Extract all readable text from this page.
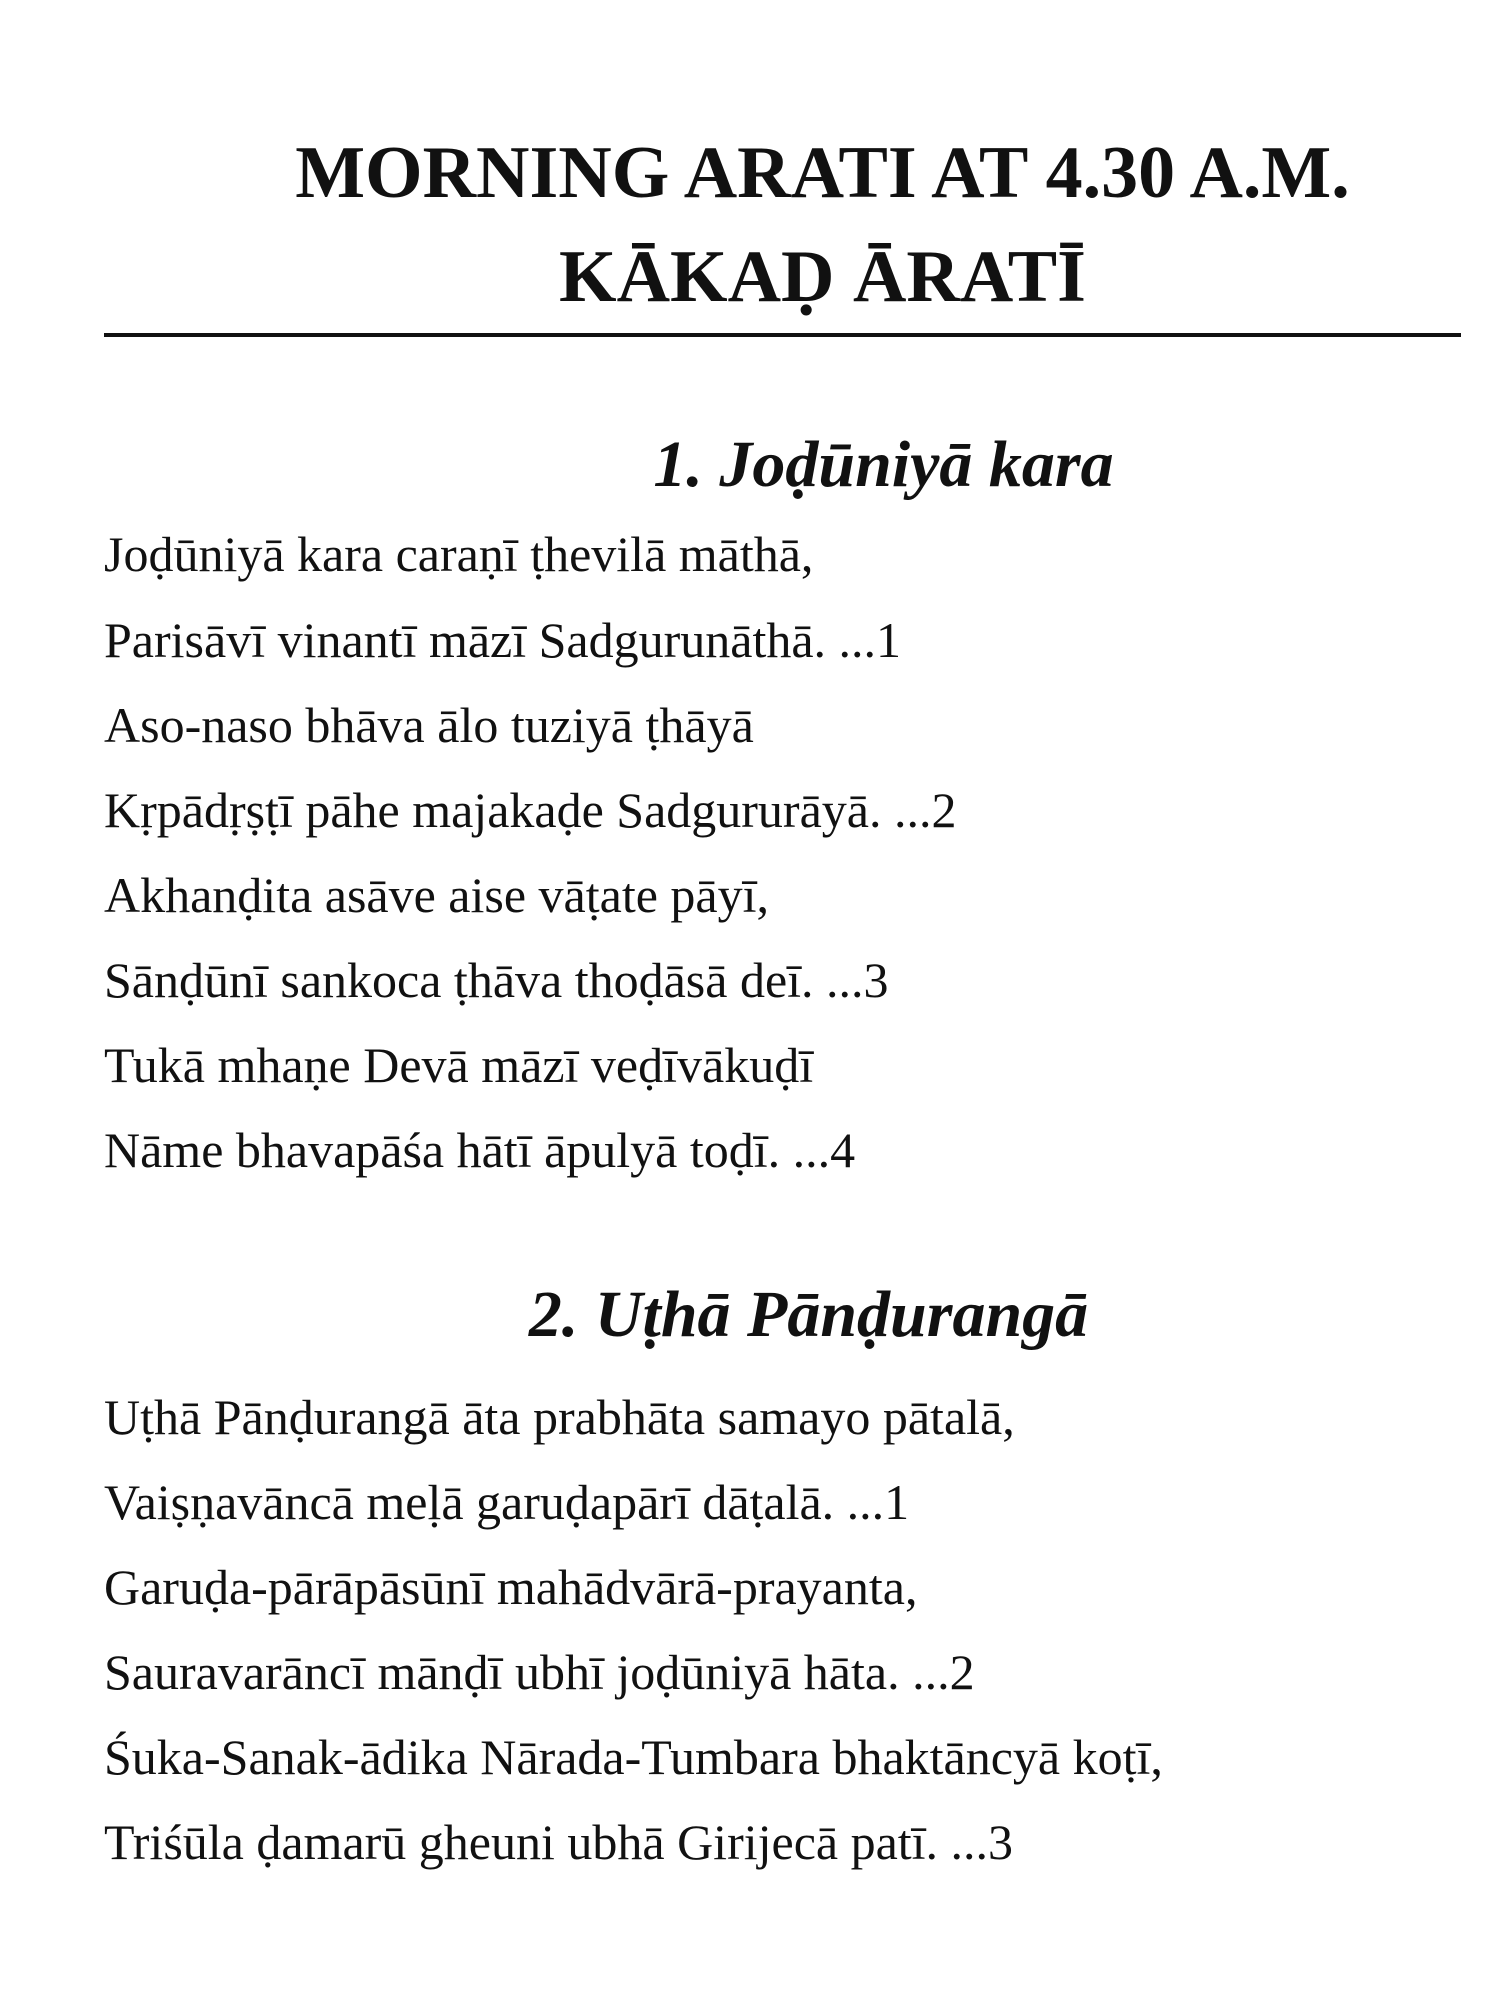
MORNING ARATI AT 4.30 A.M.
KĀKAḌ ĀRATĪ
1. Joḍūniyā kara
Joḍūniyā kara caraṇī ṭhevilā māthā,
Parisāvī vinantī māzī Sadgurunāthā. ...1
Aso-naso bhāva ālo tuziyā ṭhāyā
Kṛpādṛṣṭī pāhe majakaḍe Sadgururāyā. ...2
Akhanḍita asāve aise vāṭate pāyī,
Sānḍūnī sankoca ṭhāva thoḍāsā deī. ...3
Tukā mhaṇe Devā māzī veḍīvākuḍī
Nāme bhavapāśa hātī āpulyā toḍī. ...4
2. Uṭhā Pānḍurangā
Uṭhā Pānḍurangā āta prabhāta samayo pātalā,
Vaiṣṇavāncā meḷā garuḍapārī dāṭalā. ...1
Garuḍa-pārāpāsūnī mahādvārā-prayanta,
Sauravarāncī mānḍī ubhī joḍūniyā hāta. ...2
Śuka-Sanak-ādika Nārada-Tumbara bhaktāncyā koṭī,
Triśūla ḍamarū gheuni ubhā Girijecā patī. ...3
